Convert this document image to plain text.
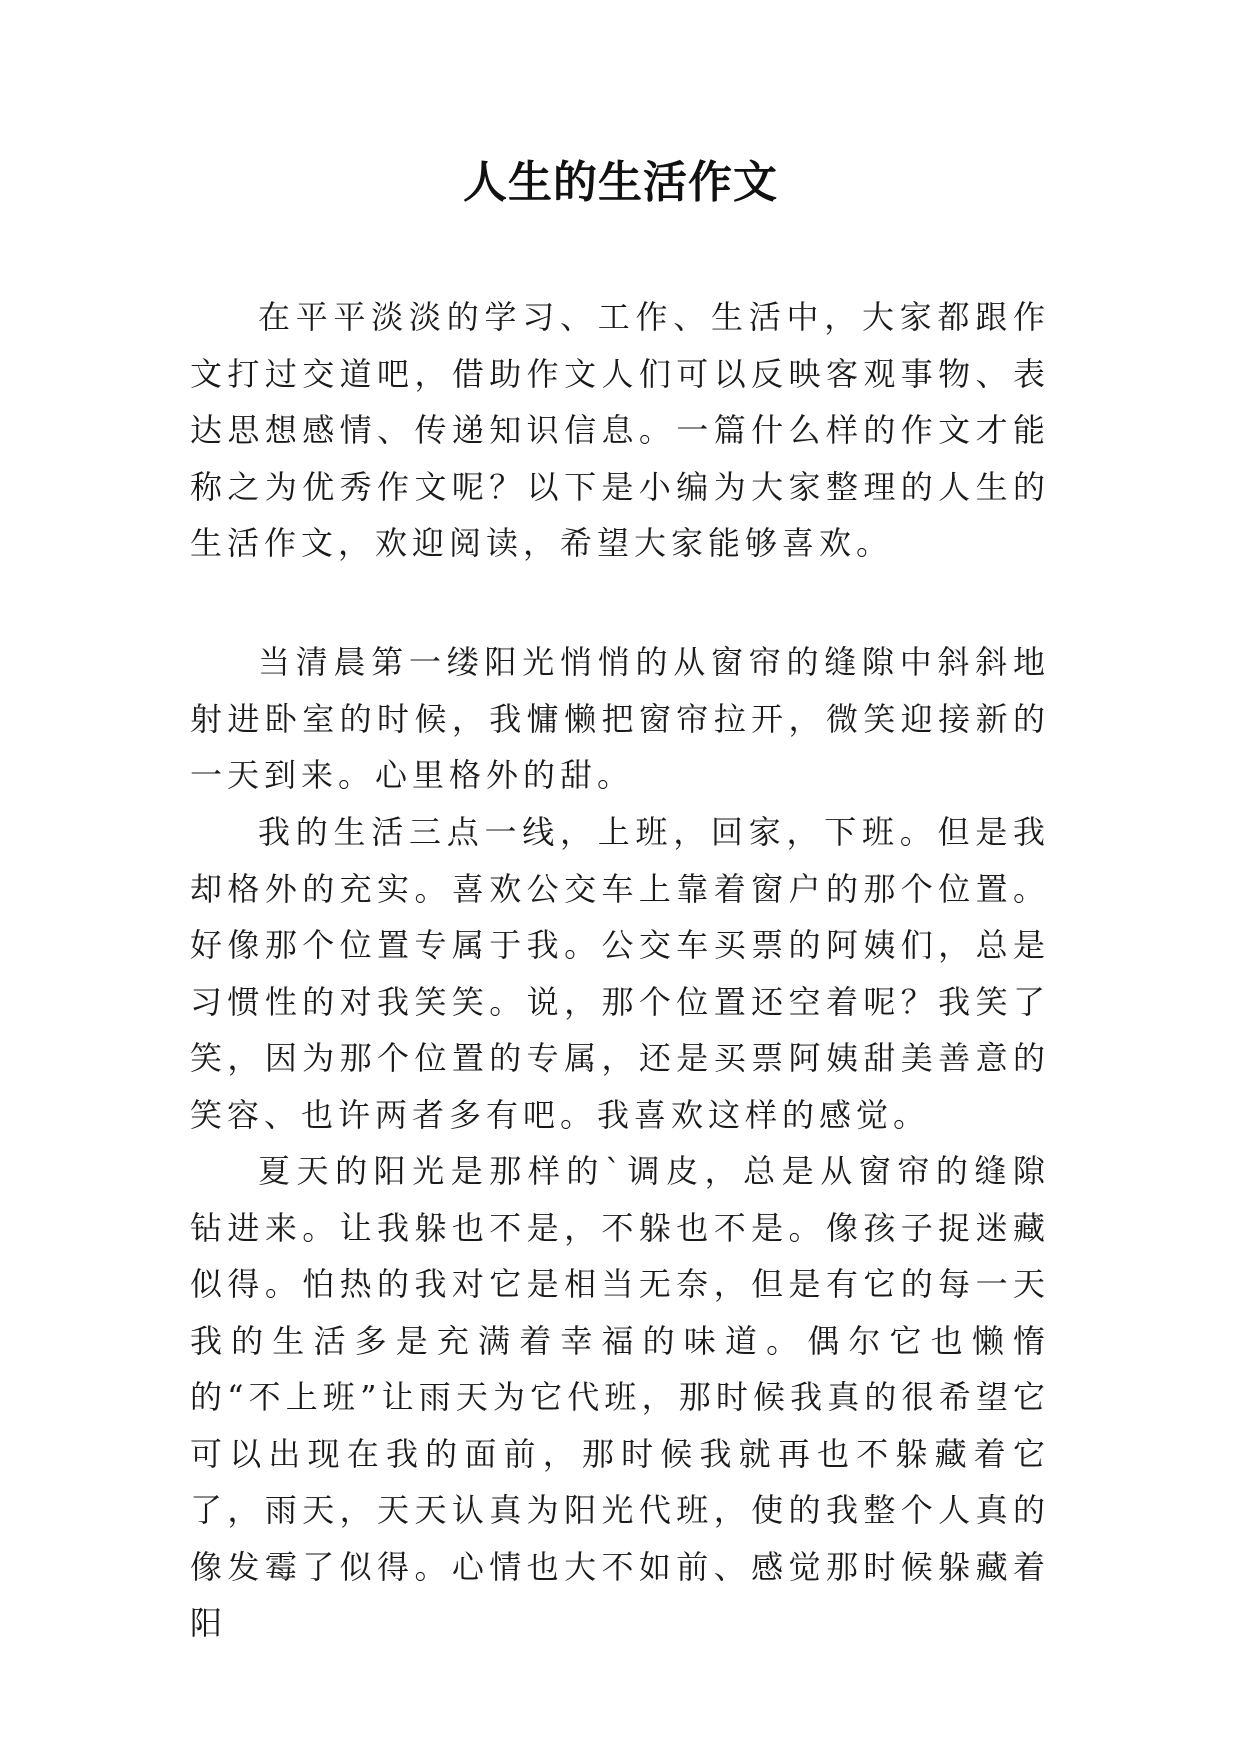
人生的生活作文

在平平淡淡的学习、工作、生活中，大家都跟作文打过交道吧，借助作文人们可以反映客观事物、表达思想感情、传递知识信息。一篇什么样的作文才能称之为优秀作文呢？以下是小编为大家整理的人生的生活作文，欢迎阅读，希望大家能够喜欢。

当清晨第一缕阳光悄悄的从窗帘的缝隙中斜斜地射进卧室的时候，我慵懒把窗帘拉开，微笑迎接新的一天到来。心里格外的甜。

我的生活三点一线，上班，回家，下班。但是我却格外的充实。喜欢公交车上靠着窗户的那个位置。好像那个位置专属于我。公交车买票的阿姨们，总是习惯性的对我笑笑。说，那个位置还空着呢？我笑了笑，因为那个位置的专属，还是买票阿姨甜美善意的笑容、也许两者多有吧。我喜欢这样的感觉。

夏天的阳光是那样的`调皮，总是从窗帘的缝隙钻进来。让我躲也不是，不躲也不是。像孩子捉迷藏似得。怕热的我对它是相当无奈，但是有它的每一天我的生活多是充满着幸福的味道。偶尔它也懒惰的“不上班”让雨天为它代班，那时候我真的很希望它可以出现在我的面前，那时候我就再也不躲藏着它了，雨天，天天认真为阳光代班，使的我整个人真的像发霉了似得。心情也大不如前、感觉那时候躲藏着阳
